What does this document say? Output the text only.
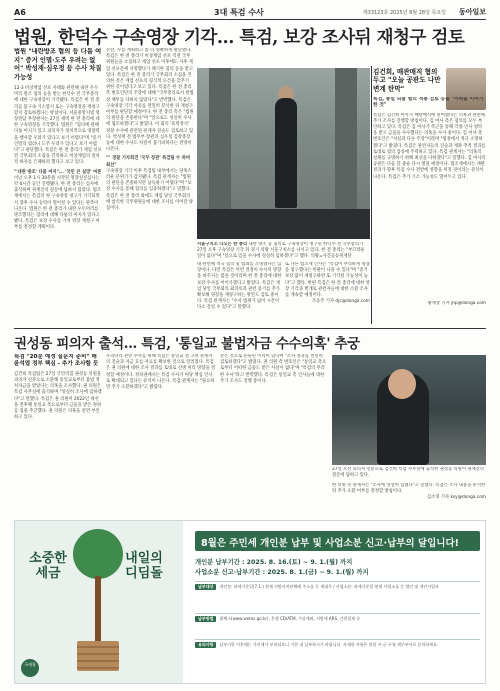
A6	3대 특검 수사	제33123호 2025년 8월 28일 목요일 동아일보
법원, 한덕수 구속영장 기각… 특검, 보강 조사뒤 재청구 검토
법원 "내란방조 혐의 등 다툼 여지" 증거 인멸·도주 우려는 없어" 박성재·심우정 등 수사 차질 가능성
12·3 비상계엄 선포 사태와 관련해 내란 우두머리 방조 혐의 등을 받는 한덕수 전 국무총리에 대한 구속영장이 기각됐다. 특검은 한 전 총리를 불구속 기소할지 또는 구속영장을 재청구할지 검토하겠다는 방침이다. 서울중앙지법 영장전담 부장판사는 27일 새벽 한 전 총리에 대한 구속영장을 기각했다. 법원은 "혐의에 관해 다툴 여지가 있고 피의자가 정치적으로 영향력을 행사할 우려가 있다고 보기 어렵다"며 "증거 인멸의 염려나 도주 우려가 있다고 보기 어렵다"고 판단했다. 특검은 한 전 총리가 계엄 선포 전 국무회의 소집을 건의하고 비상계엄의 절차적 하자를 은폐하려 했다고 보고 있다.
"'내란 방조' 다툼 여지"... '국민 큰 실망' 여론
이날 오후 1시 30분쯤 시작된 영장실질심사는 약 6시간 동안 진행됐다. 한 전 총리는 심사에 출석하며 취재진의 질문에 답하지 않았다. 법조계에서는 특검의 첫 구속영장 청구가 기각되면서 향후 수사 동력이 떨어질 수 있다는 관측이 나온다. 법원은 한 전 총리가 내란 우두머리를 방조했다는 혐의에 대해 다툼의 여지가 있다고 봤다. 특검은 보강 수사를 거쳐 영장 재청구 여부를 결정할 계획이다.
논란, 수를 계획하고 좀 더 명확하게 판단했다. 특검은 한 전 총리가 비상계엄 선포 직전 국무위원들을 소집하고 계엄 선포 이후에도 사후 계엄 선포문에 서명했다가 폐기한 혐의 등을 받고 있다. 특검은 한 전 총리가 국무회의 소집을 건의한 것은 계엄 선포의 형식적 요건을 갖추기 위한 것이었다고 보고 있다. 특검은 한 전 총리 측 변호인단의 주장에 대해 "국무총리로서 헌법상 책무를 다하지 않았다"고 반박했다. 특검은 구속영장 기각 사유를 면밀히 분석한 뒤 재청구 여부를 판단할 예정이다. 한 전 총리 측은 "법원의 판단을 존중한다"며 "앞으로도 성실히 수사에 협조하겠다"고 밝혔다. 이 회의 '효력정지' 경찰 수사에 관련된 관계자 진술도 검토하고 있다. 박성재 전 법무부 장관과 심우정 검찰총장 등에 대한 수사도 차질이 불가피하다는 전망이 나온다.
"" 경찰 기자회견 '국무 장관' 특검팀 수 하며 최선"
구속영장 기각 이후 특검팀 내부에서는 당혹스러운 분위기가 감지됐다. 특검 관계자는 "법원의 판단을 존중하지만 납득하기 어렵다"며 "보강 수사를 통해 혐의를 입증하겠다"고 말했다. 특검은 한 전 총리 외에도 계엄 당일 국무회의에 참석한 국무위원들에 대한 조사를 이어갈 방침이다.
서울구치소 나오는 한 총리 내란 방조 등 혐의로 구속영장이 청구된 한덕수 전 국무총리가 27일 오후 구속영장 기각 뒤 경기 의왕 서울구치소를 나서고 있다. 한 전 총리는 "부끄러운 일이 없다"며 "앞으로 있을 수사에 성실히 임하겠다"고 했다. 의왕=사진공동취재단
내 관련해 적극 혐의 및 범죄를 소명했다는 입장이다. 다만 특검은 이번 결정이 수사의 방향을 바꾸지는 않을 것이라며 한 전 총리에 대한 보강 수사를 이어가겠다고 밝혔다. 특검은 계엄 당일 국무회의 회의록과 관련 증거를 추가 확보해 영장을 재청구하는 방안도 검토 중이다. 특검 관계자는 "수사 범위가 넓어 시간이 다소 걸릴 수 있다"고 말했다.
또 다른 법조계 인사는 "특검이 무리하게 영장을 청구했다는 비판이 나올 수 있다"며 "증거 보강 없이 재청구하면 또 기각될 가능성이 높다"고 했다. 한편 특검은 한 전 총리에 대한 영장 기각과 별개로 관련자들에 대한 소환 조사를 계속할 예정이다.
조동주 기자 djc@donga.com
김건희, 매관매직 혐의 두고 "오늘 공판도 나만 변계 탄막"
특검, 통일 뇌물 혐의 적용 검토 등을 "이력을 이어가 한 것"
특검은 김건희 여사가 매관매직에 관여했다는 의혹과 관련해 추가 조사를 진행할 방침이다. 김 여사 측은 혐의를 모두 부인하고 있다. 특검은 김 여사가 측근을 통해 각종 인사 청탁을 받고 금품을 수수했다는 의혹을 수사 중이다. 김 여사 측 변호인은 "사실과 다른 주장"이라며 "법정에서 적극 소명하겠다"고 밝혔다. 특검은 관련자들의 진술과 계좌 추적 결과를 토대로 혐의 입증에 주력하고 있다. 특검 관계자는 "의혹의 실체를 규명하기 위해 최선을 다하겠다"고 말했다. 김 여사의 공판은 다음 달 중순 다시 열릴 예정이다. 법조계에서는 재판 결과가 향후 특검 수사 전반에 영향을 미칠 것이라는 분석이 나온다. 특검은 추가 기소 가능성도 열어두고 있다.
황제상 기자 jhp@donga.com
권성동 피의자 출석… 특검, '통일교 불법자금 수수의혹' 추궁
특검 "20분 예정 질문지 준비" 해 윤석열 정부 핵심 - 추가 조사할 듯
김건희 특검팀은 27일 국민의힘 권성동 의원을 피의자 신분으로 소환해 통일교로부터 불법 정치자금을 받았다는 의혹을 조사했다. 권 의원은 특검 사무실에 출석하며 "성실히 조사에 임하겠다"고 말했다. 특검은 권 의원이 2022년 대선을 전후해 통일교 측으로부터 금품을 받은 경위를 집중 추궁했다. 권 의원은 의혹을 전면 부인하고 있다.
우리나라 관련 수사를 위해 특검은 통일교 전 고위 관계자의 진술과 자금 흐름 자료를 확보한 것으로 알려졌다. 특검은 권 의원에 대한 조사 결과를 토대로 신병 처리 방향을 결정할 예정이다. 정치권에서는 특검 수사가 여당 핵심 인사로 확대되고 있다는 분석이 나온다. 특검 관계자는 "필요하면 추가 소환하겠다"고 밝혔다.
같은 것으로 분류된 이력이 있다며 "조사 결과를 면밀히 검토하겠다"고 밝혔다. 권 의원 측 변호인은 "통일교 측으로부터 어떠한 금품도 받은 사실이 없다"며 "특검의 무리한 수사"라고 반박했다. 특검은 통일교 측 인사들에 대한 추가 조사도 진행 중이다.
27일 오전 피의자 신분으로 김건희 특검 사무실에 출석한 권성동 의원이 취재진의 질문에 답하고 있다.
한 의원 측 관계자는 "조사에 성실히 임했다"고 말했다. 특검은 조사 내용을 분석한 뒤 추가 소환 여부를 결정할 방침이다.
김소영 기자 ksy@donga.com
소중한 세금
내일의 디딤돌
국세청
8월은 주민세 개인분 납부 및 사업소분 신고·납부의 달입니다!
개인분 납부기간 : 2025. 8. 16.(토) ~ 9. 1.(월) 까지
사업소분 신고·납부기간 : 2025. 8. 1.(금) ~ 9. 1.(월) 까지
납부대상 개인분: 과세기준일(7.1.) 현재 지방자치단체에 주소를 둔 세대주 / 사업소분: 과세기준일 현재 사업소를 둔 법인 및 개인사업자
납부방법 위택스(www.wetax.go.kr), 은행 CD/ATM, 가상계좌, 지방세 ARS, 간편결제 등
유의사항 납부기한 이후에는 가산세가 부과되오니 기한 내 납부하시기 바랍니다. 자세한 사항은 관할 시·군·구청 세무부서로 문의하세요.
